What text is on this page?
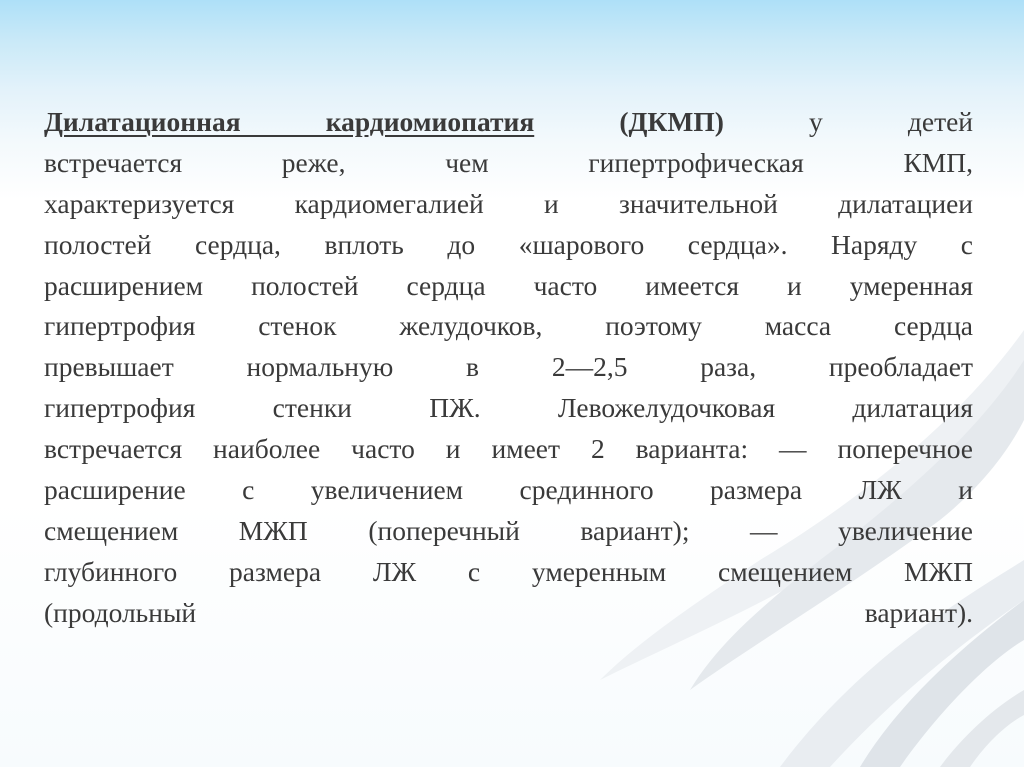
Дилатационная кардиомиопатия	(ДКМП)	у детей
встречается реже, чем гипертрофическая КМП,
характеризуется кардиомегалией и значительной дилатациеи
полостей сердца, вплоть до «шарового сердца». Наряду с
расширением полостей сердца часто имеется и умеренная
гипертрофия стенок желудочков, поэтому масса сердца
превышает нормальную в 2—2,5 раза, преобладает
гипертрофия стенки ПЖ. Левожелудочковая дилатация
встречается наиболее часто и имеет 2 варианта: — поперечное
расширение с увеличением срединного размера ЛЖ и
смещением МЖП (поперечный вариант); — увеличение
глубинного размера ЛЖ с умеренным смещением МЖП
(продольный вариант).
